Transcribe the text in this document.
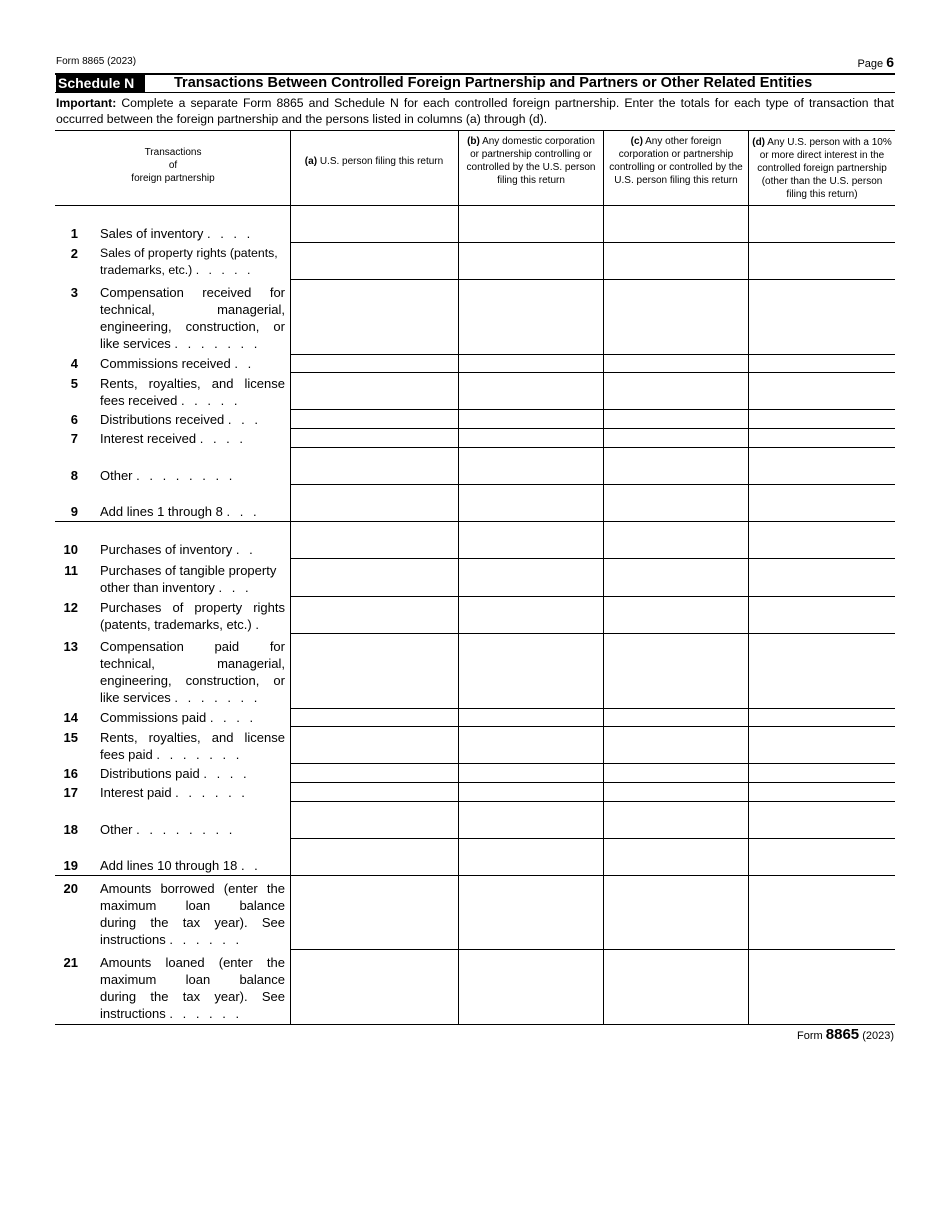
Form 8865 (2023)	Page 6
Schedule N	Transactions Between Controlled Foreign Partnership and Partners or Other Related Entities
Important: Complete a separate Form 8865 and Schedule N for each controlled foreign partnership. Enter the totals for each type of transaction that occurred between the foreign partnership and the persons listed in columns (a) through (d).
Transactions
of
foreign partnership
(a) U.S. person filing this return
(b) Any domestic corporation or partnership controlling or controlled by the U.S. person filing this return
(c) Any other foreign corporation or partnership controlling or controlled by the U.S. person filing this return
(d) Any U.S. person with a 10% or more direct interest in the controlled foreign partnership (other than the U.S. person filing this return)
1 Sales of inventory . . . .
2 Sales of property rights (patents,
trademarks, etc.) . . . . .
3 Compensation received for
technical, managerial,
engineering, construction, or
like services . . . . . . .
4 Commissions received . .
5 Rents, royalties, and license
fees received . . . . .
6 Distributions received . . .
7 Interest received . . . .
8 Other . . . . . . . .
9 Add lines 1 through 8 . . .
10 Purchases of inventory . .
11 Purchases of tangible property
other than inventory . . .
12 Purchases of property rights
(patents, trademarks, etc.) .
13 Compensation paid for
technical, managerial,
engineering, construction, or
like services . . . . . . .
14 Commissions paid . . . .
15 Rents, royalties, and license
fees paid . . . . . . .
16 Distributions paid . . . .
17 Interest paid . . . . . .
18 Other . . . . . . . .
19 Add lines 10 through 18 . .
20 Amounts borrowed (enter the
maximum loan balance
during the tax year). See
instructions . . . . . .
21 Amounts loaned (enter the
maximum loan balance
during the tax year). See
instructions . . . . . .
Form 8865 (2023)
